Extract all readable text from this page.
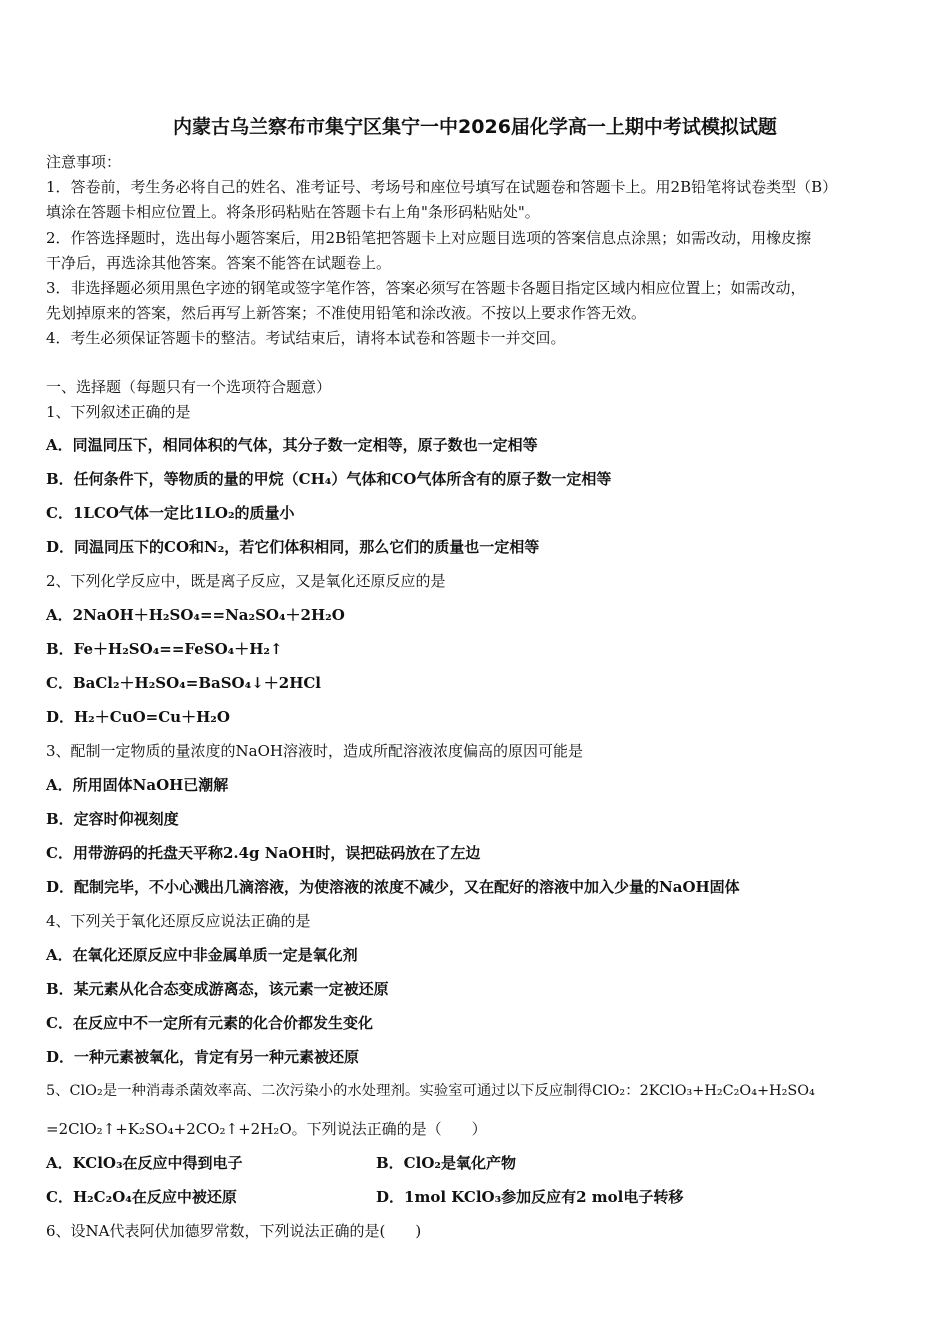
内蒙古乌兰察布市集宁区集宁一中2026届化学高一上期中考试模拟试题
注意事项：
1．答卷前，考生务必将自己的姓名、准考证号、考场号和座位号填写在试题卷和答题卡上。用2B铅笔将试卷类型（B）
填涂在答题卡相应位置上。将条形码粘贴在答题卡右上角"条形码粘贴处"。
2．作答选择题时，选出每小题答案后，用2B铅笔把答题卡上对应题目选项的答案信息点涂黑；如需改动，用橡皮擦
干净后，再选涂其他答案。答案不能答在试题卷上。
3．非选择题必须用黑色字迹的钢笔或签字笔作答，答案必须写在答题卡各题目指定区域内相应位置上；如需改动，
先划掉原来的答案，然后再写上新答案；不准使用铅笔和涂改液。不按以上要求作答无效。
4．考生必须保证答题卡的整洁。考试结束后，请将本试卷和答题卡一并交回。
一、选择题（每题只有一个选项符合题意）
1、下列叙述正确的是
A．同温同压下，相同体积的气体，其分子数一定相等，原子数也一定相等
B．任何条件下，等物质的量的甲烷（CH₄）气体和CO气体所含有的原子数一定相等
C．1LCO气体一定比1LO₂的质量小
D．同温同压下的CO和N₂，若它们体积相同，那么它们的质量也一定相等
2、下列化学反应中，既是离子反应，又是氧化还原反应的是
A．2NaOH＋H₂SO₄==Na₂SO₄＋2H₂O
B．Fe＋H₂SO₄==FeSO₄＋H₂↑
C．BaCl₂＋H₂SO₄=BaSO₄↓＋2HCl
D．H₂＋CuO=Cu＋H₂O
3、配制一定物质的量浓度的NaOH溶液时，造成所配溶液浓度偏高的原因可能是
A．所用固体NaOH已潮解
B．定容时仰视刻度
C．用带游码的托盘天平称2.4g NaOH时，误把砝码放在了左边
D．配制完毕，不小心溅出几滴溶液，为使溶液的浓度不减少，又在配好的溶液中加入少量的NaOH固体
4、下列关于氧化还原反应说法正确的是
A．在氧化还原反应中非金属单质一定是氧化剂
B．某元素从化合态变成游离态，该元素一定被还原
C．在反应中不一定所有元素的化合价都发生变化
D．一种元素被氧化，肯定有另一种元素被还原
5、ClO₂是一种消毒杀菌效率高、二次污染小的水处理剂。实验室可通过以下反应制得ClO₂：2KClO₃+H₂C₂O₄+H₂SO₄
=2ClO₂↑+K₂SO₄+2CO₂↑+2H₂O。下列说法正确的是（　　）
A．KClO₃在反应中得到电子	B．ClO₂是氧化产物
C．H₂C₂O₄在反应中被还原	D．1mol KClO₃参加反应有2 mol电子转移
6、设NA代表阿伏加德罗常数，下列说法正确的是(　　)
